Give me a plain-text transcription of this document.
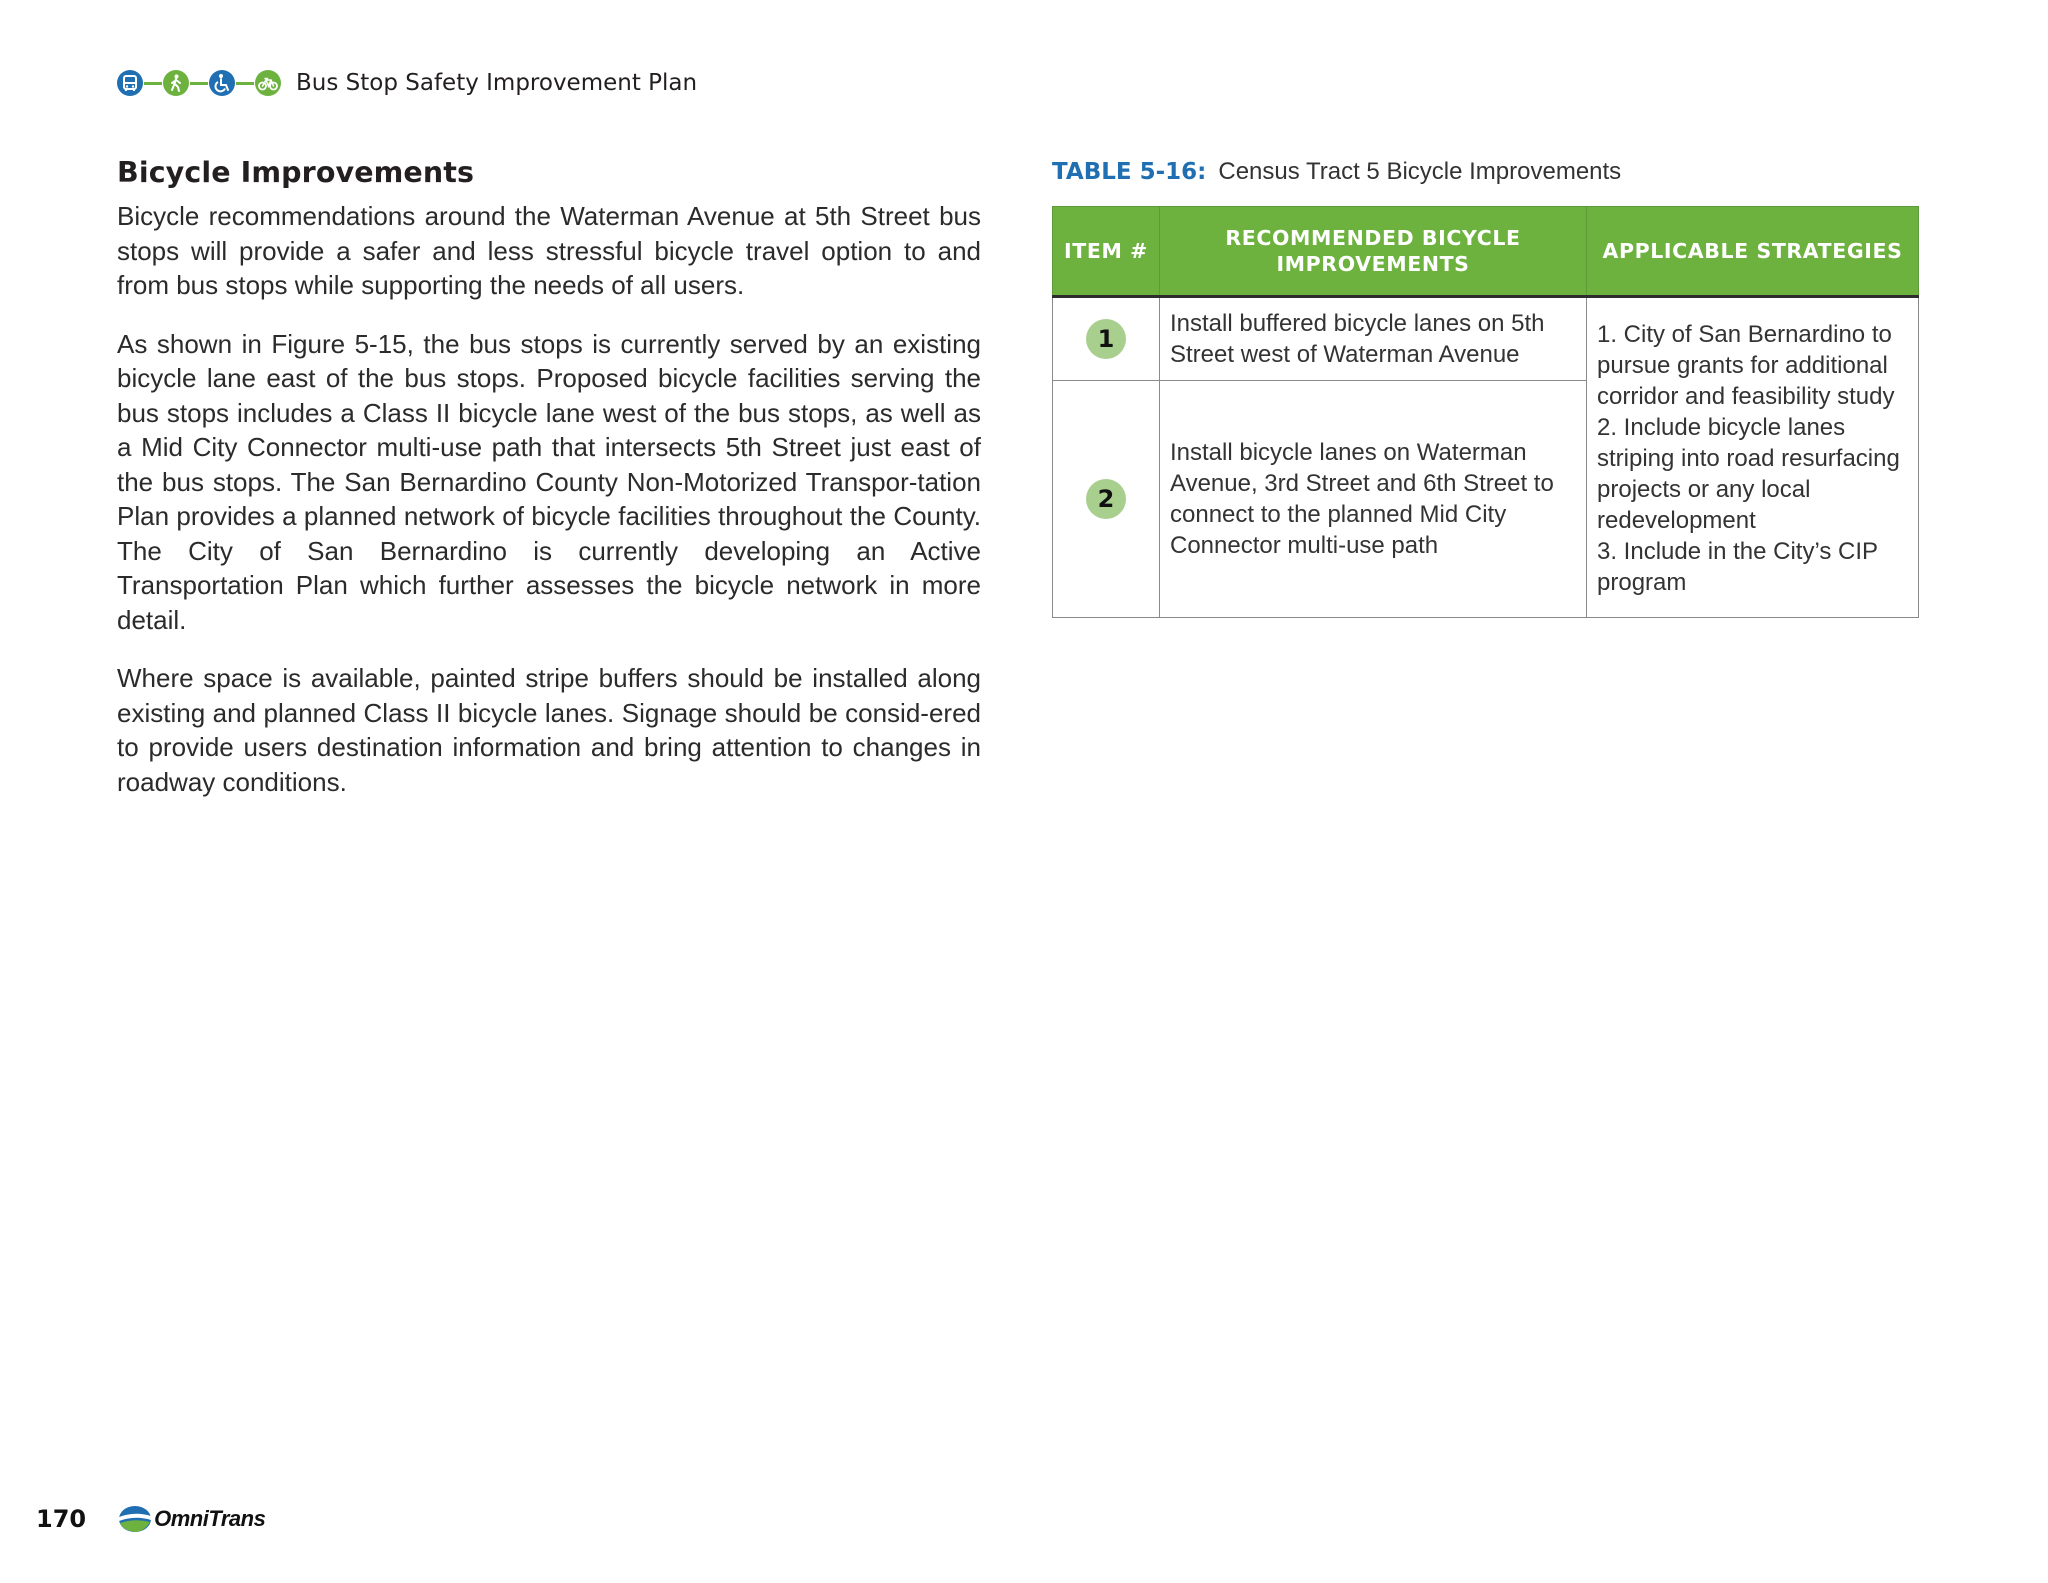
Bus Stop Safety Improvement Plan
Bicycle Improvements

Bicycle recommendations around the Waterman Avenue at 5th Street bus stops will provide a safer and less stressful bicycle travel option to and from bus stops while supporting the needs of all users.

As shown in Figure 5-15, the bus stops is currently served by an existing bicycle lane east of the bus stops. Proposed bicycle facilities serving the bus stops includes a Class II bicycle lane west of the bus stops, as well as a Mid City Connector multi-use path that intersects 5th Street just east of the bus stops. The San Bernardino County Non-Motorized Transpor-tation Plan provides a planned network of bicycle facilities throughout the County. The City of San Bernardino is currently developing an Active Transportation Plan which further assesses the bicycle network in more detail.

Where space is available, painted stripe buffers should be installed along existing and planned Class II bicycle lanes. Signage should be consid-ered to provide users destination information and bring attention to changes in roadway conditions.

TABLE 5-16: Census Tract 5 Bicycle Improvements
ITEM #	RECOMMENDED BICYCLE IMPROVEMENTS	APPLICABLE STRATEGIES
1	Install buffered bicycle lanes on 5th Street west of Waterman Avenue	1. City of San Bernardino to pursue grants for additional corridor and feasibility study
2. Include bicycle lanes striping into road resurfacing projects or any local redevelopment
3. Include in the City’s CIP program

2	Install bicycle lanes on Waterman Avenue, 3rd Street and 6th Street to connect to the planned Mid City Connector multi-use path	
170	OmniTrans
